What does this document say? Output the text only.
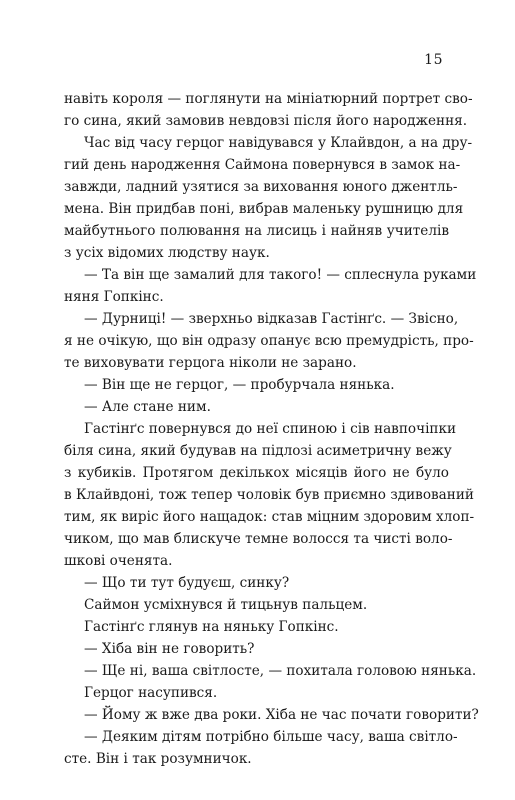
15
навіть короля — поглянути на мініатюрний портрет сво-
го сина, який замовив невдовзі після його народження.
Час від часу герцог навідувався у Клайвдон, а на дру-
гий день народження Саймона повернувся в замок на-
завжди, ладний узятися за виховання юного джентль-
мена. Він придбав поні, вибрав маленьку рушницю для
майбутнього полювання на лисиць і найняв учителів
з усіх відомих людству наук.
— Та він ще замалий для такого! — сплеснула руками
няня Гопкінс.
— Дурниці! — зверхньо відказав Гастінґс. — Звісно,
я не очікую, що він одразу опанує всю премудрість, про-
те виховувати герцога ніколи не зарано.
— Він ще не герцог, — пробурчала нянька.
— Але стане ним.
Гастінґс повернувся до неї спиною і сів навпочіпки
біля сина, який будував на підлозі асиметричну вежу
з кубиків. Протягом декількох місяців його не було
в Клайвдоні, тож тепер чоловік був приємно здивований
тим, як виріс його нащадок: став міцним здоровим хлоп-
чиком, що мав блискуче темне волосся та чисті воло-
шкові оченята.
— Що ти тут будуєш, синку?
Саймон усміхнувся й тицьнув пальцем.
Гастінґс глянув на няньку Гопкінс.
— Хіба він не говорить?
— Ще ні, ваша світлосте, — похитала головою нянька.
Герцог насупився.
— Йому ж вже два роки. Хіба не час почати говорити?
— Деяким дітям потрібно більше часу, ваша світло-
сте. Він і так розумничок.
